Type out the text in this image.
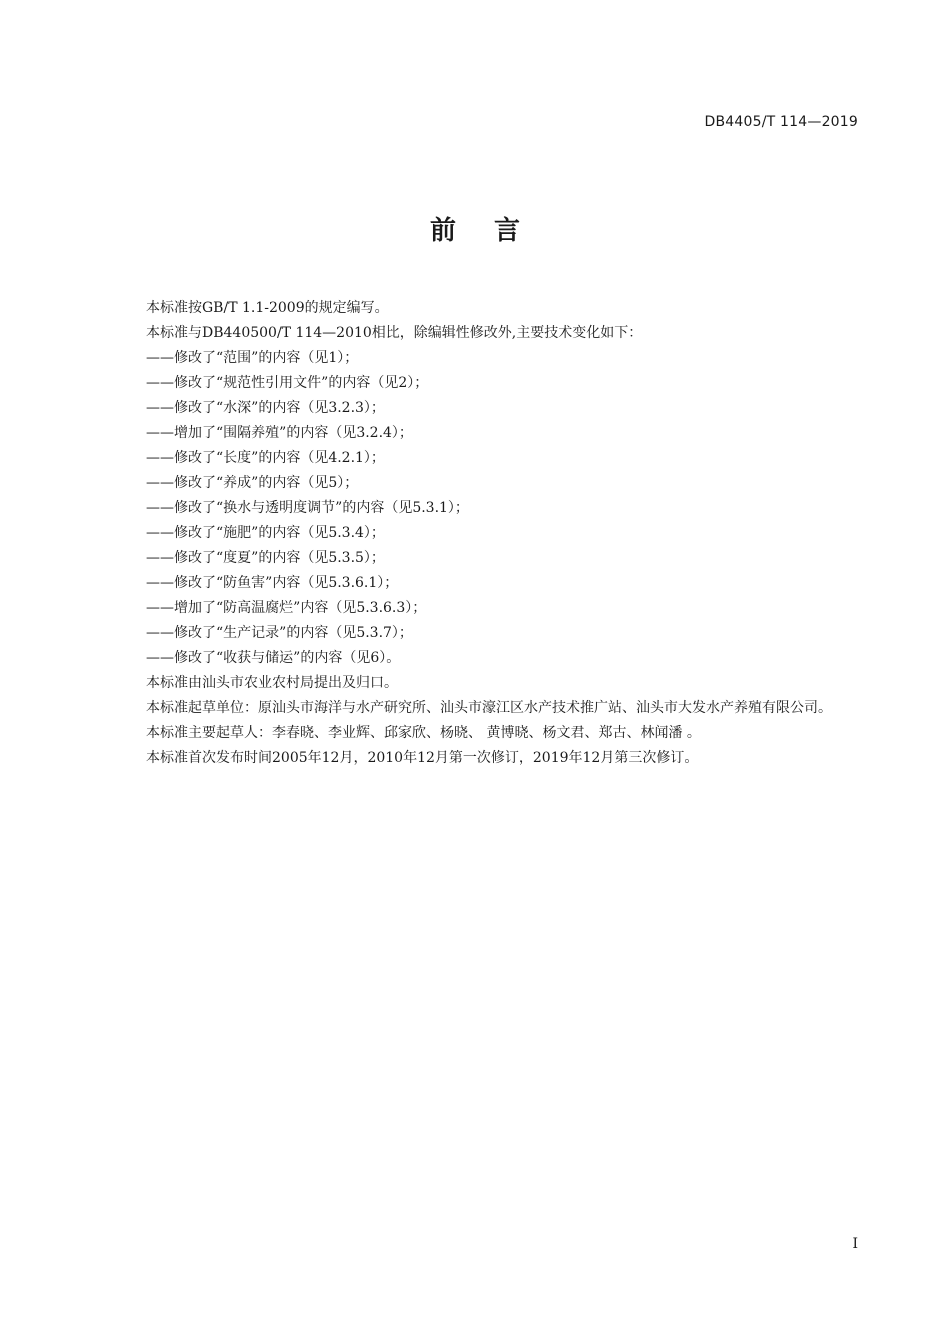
DB4405/T 114—2019
前言

本标准按GB/T 1.1-2009的规定编写。

本标准与DB440500/T 114—2010相比，除编辑性修改外,主要技术变化如下：

——修改了“范围”的内容（见1）；

——修改了“规范性引用文件”的内容（见2）；

——修改了“水深”的内容（见3.2.3）；

——增加了“围隔养殖”的内容（见3.2.4）；

——修改了“长度”的内容（见4.2.1）；

——修改了“养成”的内容（见5）；

——修改了“换水与透明度调节”的内容（见5.3.1）；

——修改了“施肥”的内容（见5.3.4）；

——修改了“度夏”的内容（见5.3.5）；

——修改了“防鱼害”内容（见5.3.6.1）；

——增加了“防高温腐烂”内容（见5.3.6.3）；

——修改了“生产记录”的内容（见5.3.7）；

——修改了“收获与储运”的内容（见6）。

本标准由汕头市农业农村局提出及归口。

本标准起草单位：原汕头市海洋与水产研究所、汕头市濠江区水产技术推广站、汕头市大发水产养殖有限公司。

本标准主要起草人：李春晓、李业辉、邱家欣、杨晓、 黄博晓、杨文君、郑古、林闻潘 。

本标准首次发布时间2005年12月，2010年12月第一次修订，2019年12月第三次修订。

I
